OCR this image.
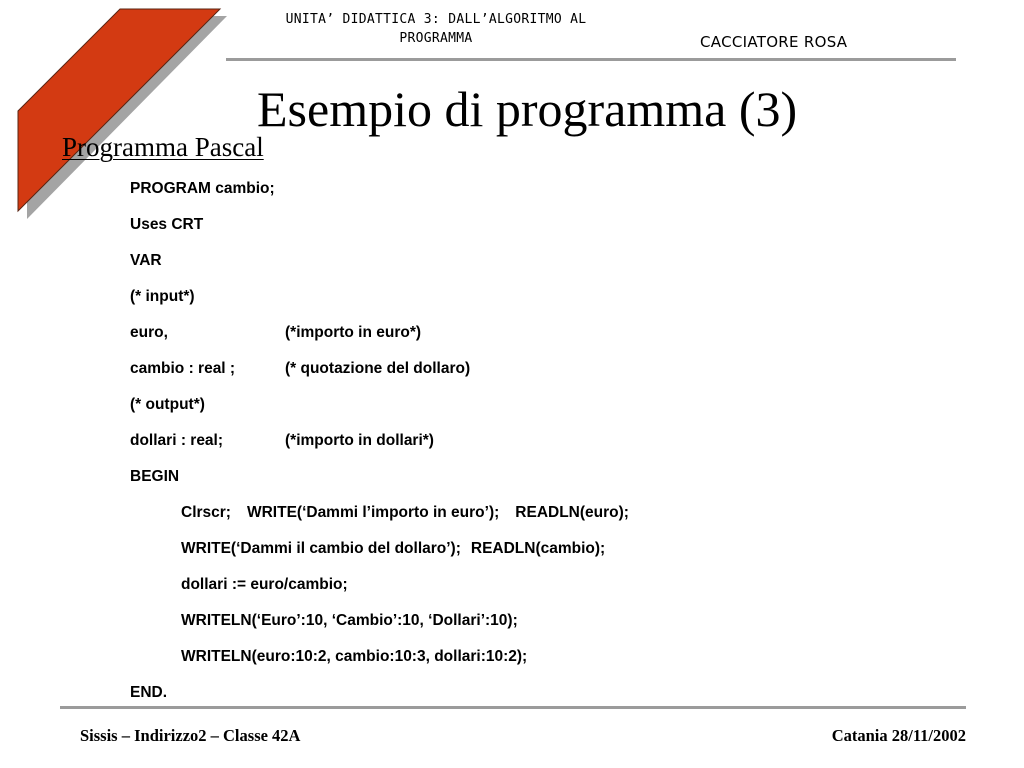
UNITA’ DIDATTICA 3: DALL’ALGORITMO AL
PROGRAMMA	CACCIATORE ROSA
Esempio di programma (3)
Programma Pascal
PROGRAM cambio;
Uses CRT
VAR
(* input*)
euro,	(*importo in euro*)
cambio : real ;	(* quotazione del dollaro)
(* output*)
dollari : real;	(*importo in dollari*)
BEGIN
Clrscr; WRITE(‘Dammi l’importo in euro’); READLN(euro);
WRITE(‘Dammi il cambio del dollaro’); READLN(cambio);
dollari := euro/cambio;
WRITELN(‘Euro’:10, ‘Cambio’:10, ‘Dollari’:10);
WRITELN(euro:10:2, cambio:10:3, dollari:10:2);
END.
Sissis – Indirizzo2 – Classe 42A	Catania 28/11/2002
